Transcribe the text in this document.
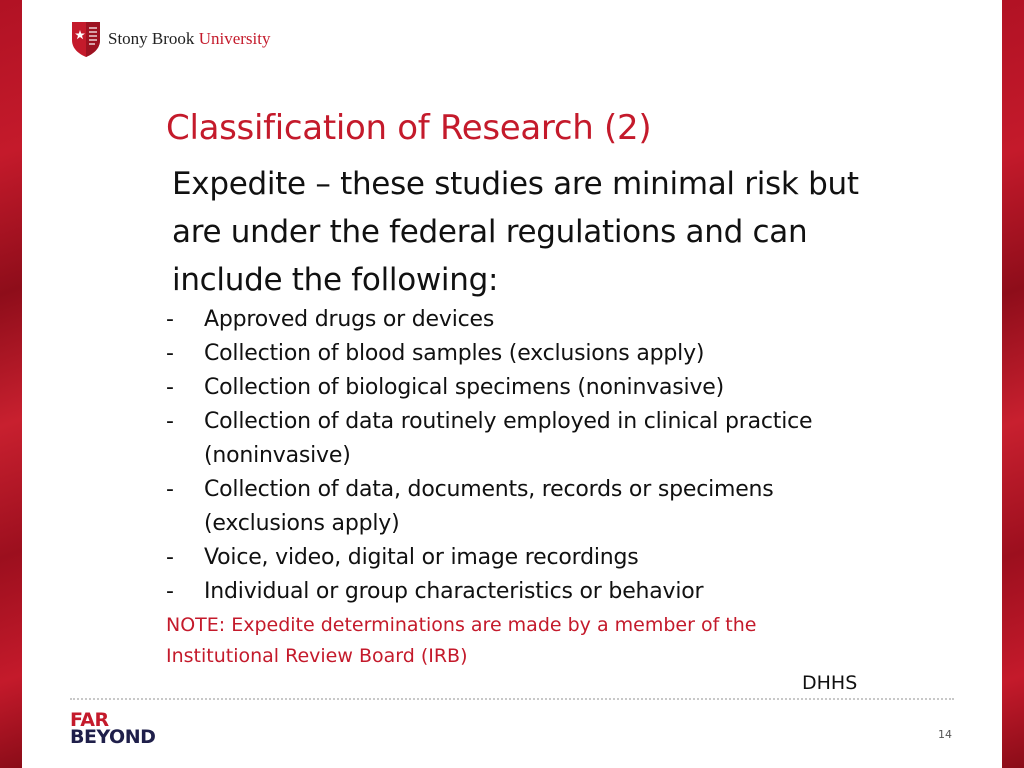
Stony Brook University
Classification of Research (2)
Expedite – these studies are minimal risk but are under the federal regulations and can include the following:
-	Approved drugs or devices
-	Collection of blood samples (exclusions apply)
-	Collection of biological specimens (noninvasive)
-	Collection of data routinely employed in clinical practice (noninvasive)
-	Collection of data, documents, records or specimens (exclusions apply)
-	Voice, video, digital or image recordings
-	Individual or group characteristics or behavior
NOTE: Expedite determinations are made by a member of the Institutional Review Board (IRB)
DHHS
FAR
BEYOND	14
